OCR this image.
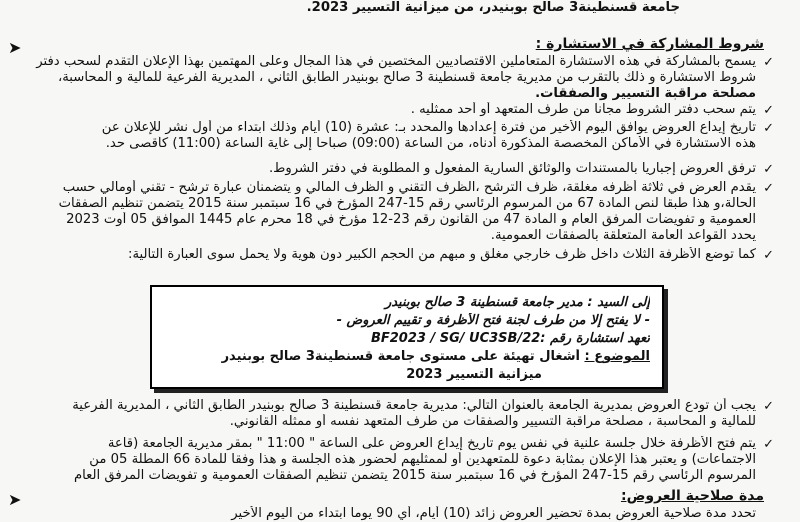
جامعة قسنطينة3 صالح بوبنيدر، من ميزانية التسيير 2023.
➤	شروط المشاركة في الاستشارة :
✓
يسمح بالمشاركة في هذه الاستشارة المتعاملين الاقتصاديين المختصين في هذا المجال وعلى المهتمين بهذا الإعلان التقدم لسحب دفتر
شروط الاستشارة و ذلك بالتقرب من مديرية جامعة قسنطينة 3 صالح بوبنيدر الطابق الثاني ، المديرية الفرعية للمالية و المحاسبة،
مصلحة مراقبة التسيير والصفقات.
✓
يتم سحب دفتر الشروط مجانا من طرف المتعهد أو أحد ممثليه .
✓
تاريخ إيداع العروض يوافق اليوم الأخير من فترة إعدادها والمحدد بـ: عشرة (10) أيام وذلك ابتداء من أول نشر للإعلان عن
هذه الاستشارة في الأماكن المخصصة المذكورة أدناه، من الساعة (09:00) صباحا إلى غاية الساعة (11:00) كأقصى حد.
✓
ترفق العروض إجباريا بالمستندات والوثائق السارية المفعول و المطلوبة في دفتر الشروط.
✓
يقدم العرض في ثلاثة أظرفه مغلقة، ظرف الترشح ،الظرف التقني و الظرف المالي و يتضمنان عبارة ترشح - تقني أومالي حسب
الحالة،و هذا طبقا لنص المادة 67 من المرسوم الرئاسي رقم 15-247 المؤرخ في 16 سبتمبر سنة 2015 يتضمن تنظيم الصفقات
العمومية و تفويضات المرفق العام و المادة 47 من القانون رقم 23-12 مؤرخ في 18 محرم عام 1445 الموافق 05 أوت 2023
يحدد القواعد العامة المتعلقة بالصفقات العمومية.
✓
كما توضع الأظرفة الثلاث داخل ظرف خارجي مغلق و مبهم من الحجم الكبير دون هوية ولا يحمل سوى العبارة التالية:
إلى السيد : مدير جامعة قسنطينة 3 صالح بوبنيدر
- لا يفتح إلا من طرف لجنة فتح الأظرفة و تقييم العروض -
تعهد استشارة رقم :BF2023 / SG/ UC3SB/22
الموضوع : أشغال تهيئة على مستوى جامعة قسنطينة3 صالح بوبنيدر
ميزانية التسيير 2023
✓
يجب أن تودع العروض بمديرية الجامعة بالعنوان التالي: مديرية جامعة قسنطينة 3 صالح بوبنيدر الطابق الثاني ، المديرية الفرعية
للمالية و المحاسبة ، مصلحة مراقبة التسيير والصفقات من طرف المتعهد نفسه أو ممثله القانوني.
✓
يتم فتح الأظرفة خلال جلسة علنية في نفس يوم تاريخ إيداع العروض على الساعة " 11:00 " بمقر مديرية الجامعة (قاعة
الاجتماعات) و يعتبر هذا الإعلان بمثابة دعوة للمتعهدين أو لممثليهم لحضور هذه الجلسة و هذا وفقا للمادة 66 المطلة 05 من
المرسوم الرئاسي رقم 15-247 المؤرخ في 16 سبتمبر سنة 2015 يتضمن تنظيم الصفقات العمومية و تفويضات المرفق العام
➤	مدة صلاحية العروض:
تحدد مدة صلاحية العروض بمدة تحضير العروض زائد (10) أيام، أي 90 يوما ابتداء من اليوم الأخير
